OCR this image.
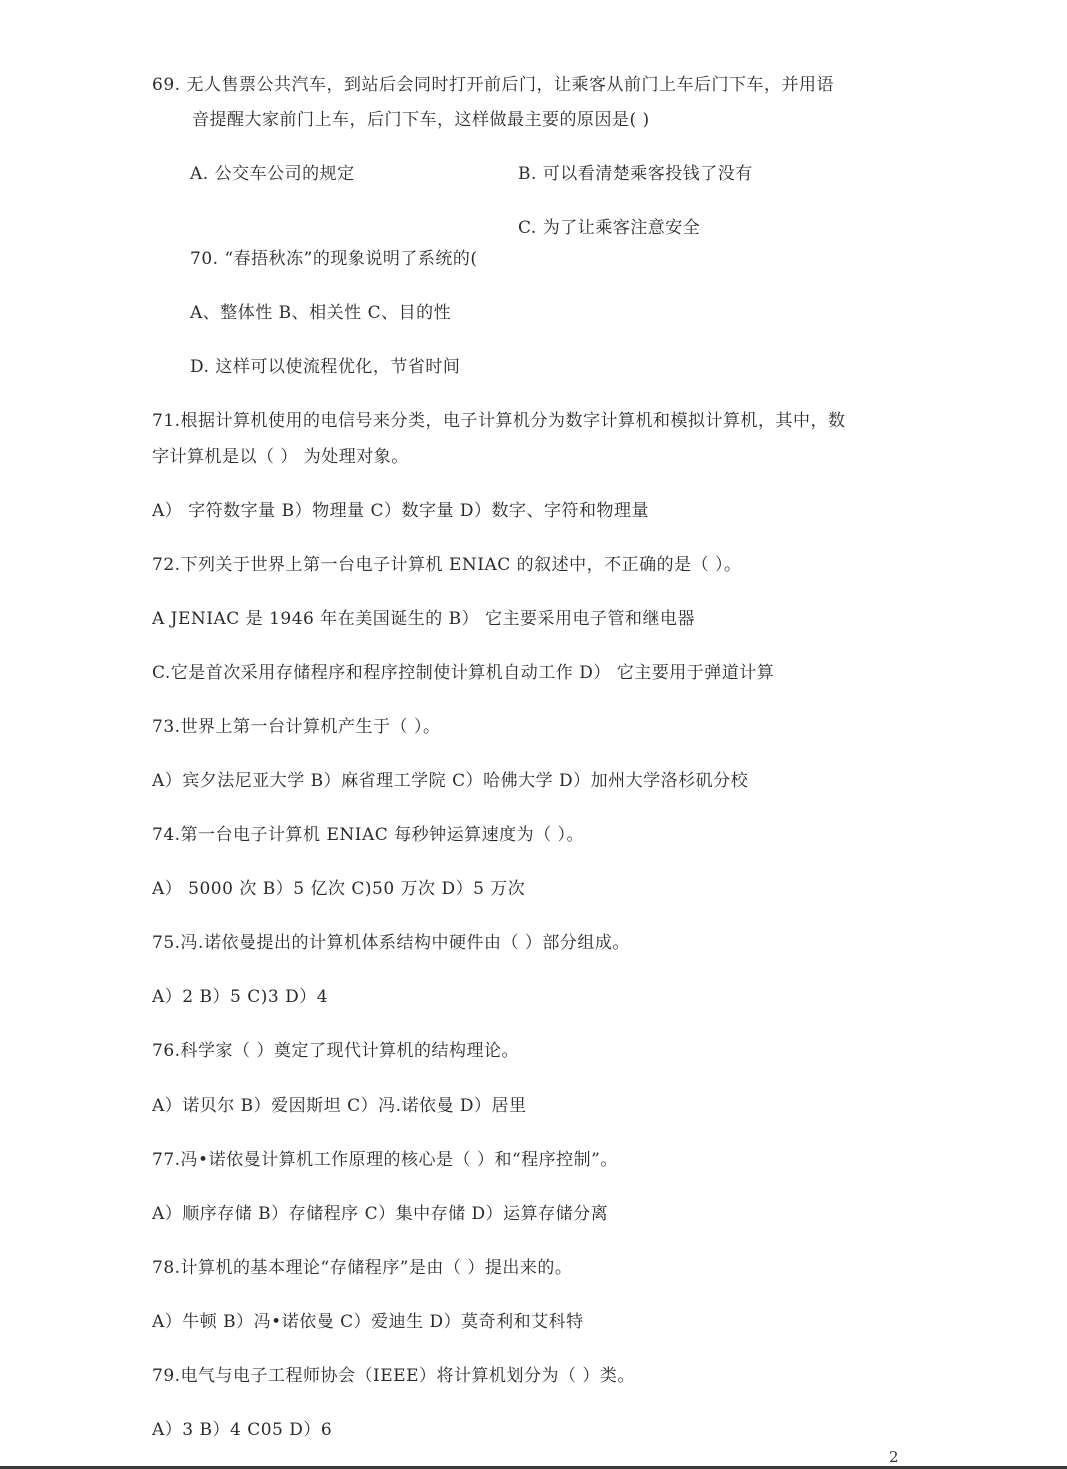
69. 无人售票公共汽车，到站后会同时打开前后门，让乘客从前门上车后门下车，并用语
音提醒大家前门上车，后门下车，这样做最主要的原因是( )
A. 公交车公司的规定	B. 可以看清楚乘客投钱了没有
C. 为了让乘客注意安全
70. “春捂秋冻”的现象说明了系统的(
A、整体性 B、相关性 C、目的性
D. 这样可以使流程优化，节省时间
71.根据计算机使用的电信号来分类，电子计算机分为数字计算机和模拟计算机，其中，数
字计算机是以（ ） 为处理对象。
A） 字符数字量 B）物理量 C）数字量 D）数字、字符和物理量
72.下列关于世界上第一台电子计算机 ENIAC 的叙述中，不正确的是（ ）。
A JENIAC 是 1946 年在美国诞生的 B） 它主要采用电子管和继电器
C.它是首次采用存储程序和程序控制使计算机自动工作 D） 它主要用于弹道计算
73.世界上第一台计算机产生于（ ）。
A）宾夕法尼亚大学 B）麻省理工学院 C）哈佛大学 D）加州大学洛杉矶分校
74.第一台电子计算机 ENIAC 每秒钟运算速度为（ ）。
A） 5000 次 B）5 亿次 C)50 万次 D）5 万次
75.冯.诺依曼提出的计算机体系结构中硬件由（ ）部分组成。
A）2 B）5 C)3 D）4
76.科学家（ ）奠定了现代计算机的结构理论。
A）诺贝尔 B）爱因斯坦 C）冯.诺依曼 D）居里
77.冯•诺依曼计算机工作原理的核心是（ ）和“程序控制”。
A）顺序存储 B）存储程序 C）集中存储 D）运算存储分离
78.计算机的基本理论“存储程序”是由（ ）提出来的。
A）牛顿 B）冯•诺依曼 C）爱迪生 D）莫奇利和艾科特
79.电气与电子工程师协会（IEEE）将计算机划分为（ ）类。
A）3 B）4 C05 D）6
2
